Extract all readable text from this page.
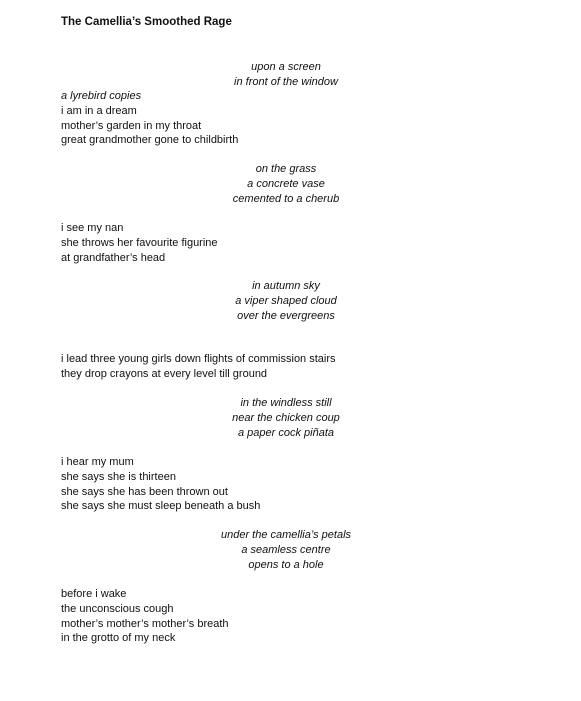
The Camellia’s Smoothed Rage
upon a screen
in front of the window
a lyrebird copies
i am in a dream
mother’s garden in my throat
great grandmother gone to childbirth
on the grass
a concrete vase
cemented to a cherub
i see my nan
she throws her favourite figurine
at grandfather’s head
in autumn sky
a viper shaped cloud
over the evergreens
i lead three young girls down flights of commission stairs
they drop crayons at every level till ground
in the windless still
near the chicken coup
a paper cock piñata
i hear my mum
she says she is thirteen
she says she has been thrown out
she says she must sleep beneath a bush
under the camellia’s petals
a seamless centre
opens to a hole
before i wake
the unconscious cough
mother’s mother’s mother’s breath
in the grotto of my neck
